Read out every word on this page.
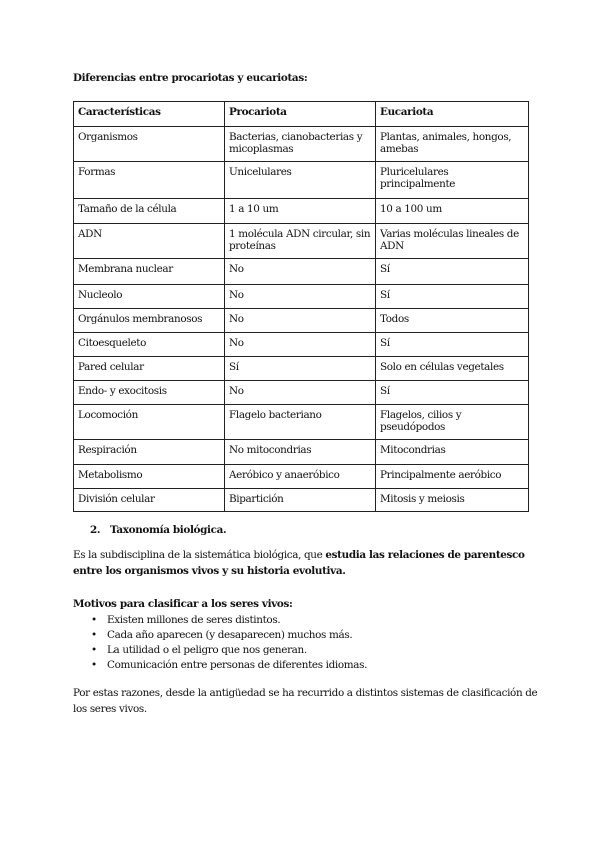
Diferencias entre procariotas y eucariotas:
Características	Procariota	Eucariota
Organismos	Bacterias, cianobacterias y micoplasmas	Plantas, animales, hongos, amebas
Formas	Unicelulares	Pluricelulares principalmente
Tamaño de la célula	1 a 10 um	10 a 100 um
ADN	1 molécula ADN circular, sin proteínas	Varias moléculas lineales de ADN
Membrana nuclear	No	Sí
Nucleolo	No	Sí
Orgánulos membranosos	No	Todos
Citoesqueleto	No	Sí
Pared celular	Sí	Solo en células vegetales
Endo- y exocitosis	No	Sí
Locomoción	Flagelo bacteriano	Flagelos, cilios y pseudópodos
Respiración	No mitocondrias	Mitocondrias
Metabolismo	Aeróbico y anaeróbico	Principalmente aeróbico
División celular	Bipartición	Mitosis y meiosis
2. Taxonomía biológica.
Es la subdisciplina de la sistemática biológica, que estudia las relaciones de parentesco entre los organismos vivos y su historia evolutiva.
Motivos para clasificar a los seres vivos:
• Existen millones de seres distintos.
• Cada año aparecen (y desaparecen) muchos más.
• La utilidad o el peligro que nos generan.
• Comunicación entre personas de diferentes idiomas.
Por estas razones, desde la antigüedad se ha recurrido a distintos sistemas de clasificación de los seres vivos.
